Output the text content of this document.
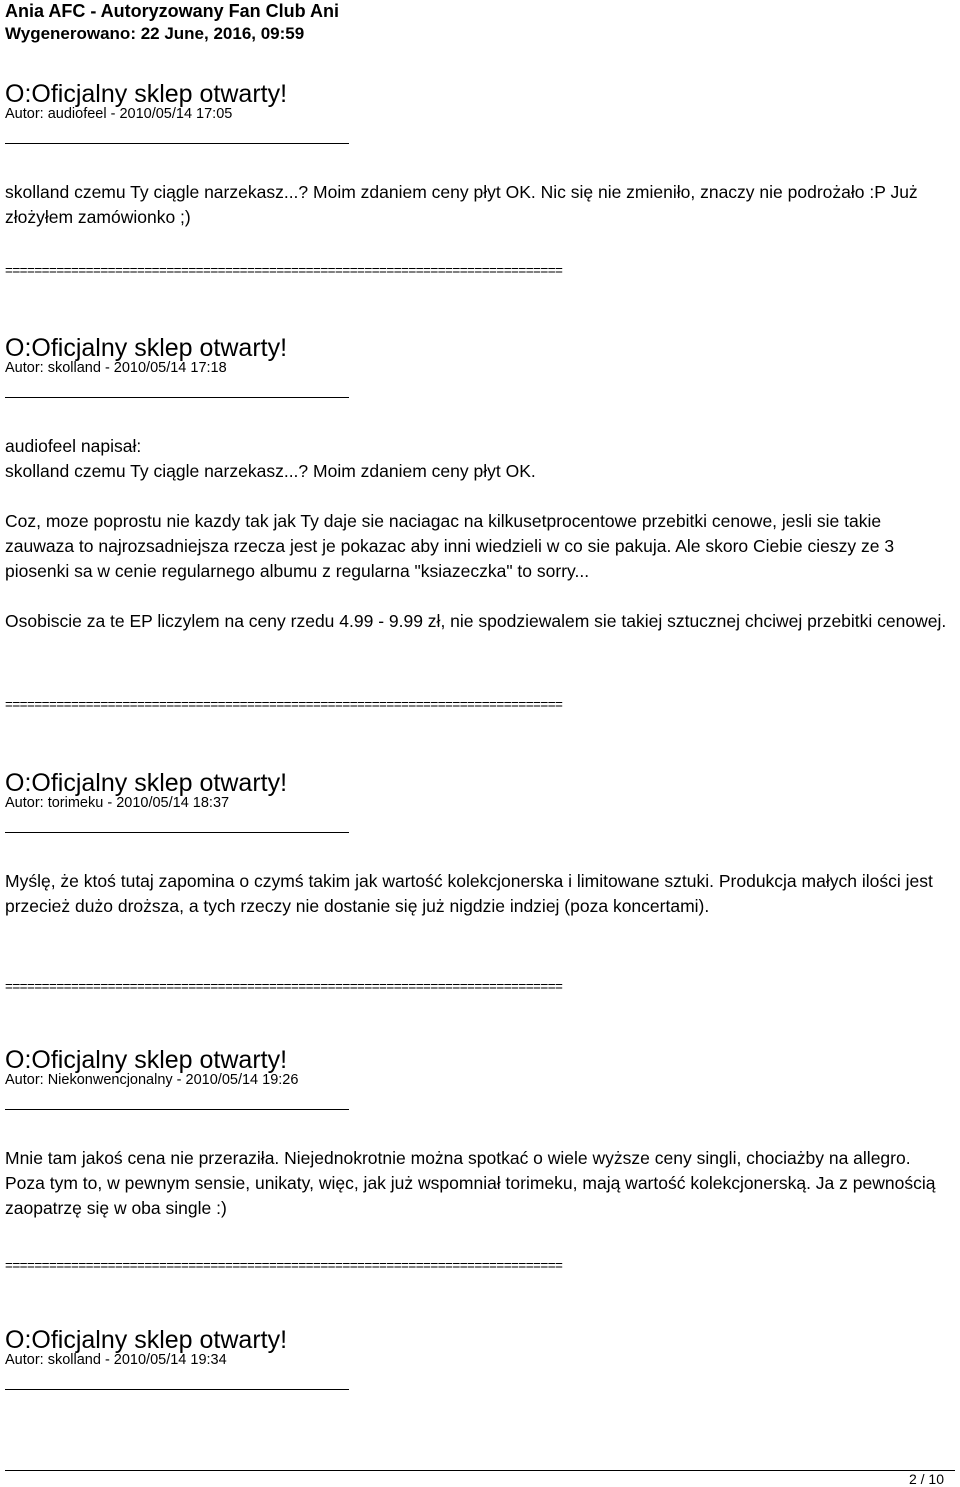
Ania AFC - Autoryzowany Fan Club Ani
Wygenerowano: 22 June, 2016, 09:59
O:Oficjalny sklep otwarty!
Autor: audiofeel - 2010/05/14 17:05

skolland czemu Ty ciągle narzekasz...? Moim zdaniem ceny płyt OK. Nic się nie zmieniło, znaczy nie podrożało :P Już złożyłem zamówionko ;)

============================================================================
O:Oficjalny sklep otwarty!
Autor: skolland - 2010/05/14 17:18

audiofeel napisał:

skolland czemu Ty ciągle narzekasz...? Moim zdaniem ceny płyt OK.

Coz, moze poprostu nie kazdy tak jak Ty daje sie naciagac na kilkusetprocentowe przebitki cenowe, jesli sie takie zauwaza to najrozsadniejsza rzecza jest je pokazac aby inni wiedzieli w co sie pakuja. Ale skoro Ciebie cieszy ze 3 piosenki sa w cenie regularnego albumu z regularna "ksiazeczka" to sorry...

Osobiscie za te EP liczylem na ceny rzedu 4.99 - 9.99 zł, nie spodziewalem sie takiej sztucznej chciwej przebitki cenowej.

============================================================================
O:Oficjalny sklep otwarty!
Autor: torimeku - 2010/05/14 18:37

Myślę, że ktoś tutaj zapomina o czymś takim jak wartość kolekcjonerska i limitowane sztuki. Produkcja małych ilości jest przecież dużo droższa, a tych rzeczy nie dostanie się już nigdzie indziej (poza koncertami).

============================================================================
O:Oficjalny sklep otwarty!
Autor: Niekonwencjonalny - 2010/05/14 19:26

Mnie tam jakoś cena nie przeraziła. Niejednokrotnie można spotkać o wiele wyższe ceny singli, chociażby na allegro. Poza tym to, w pewnym sensie, unikaty, więc, jak już wspomniał torimeku, mają wartość kolekcjonerską. Ja z pewnością zaopatrzę się w oba single :)

============================================================================
O:Oficjalny sklep otwarty!
Autor: skolland - 2010/05/14 19:34
2 / 10
